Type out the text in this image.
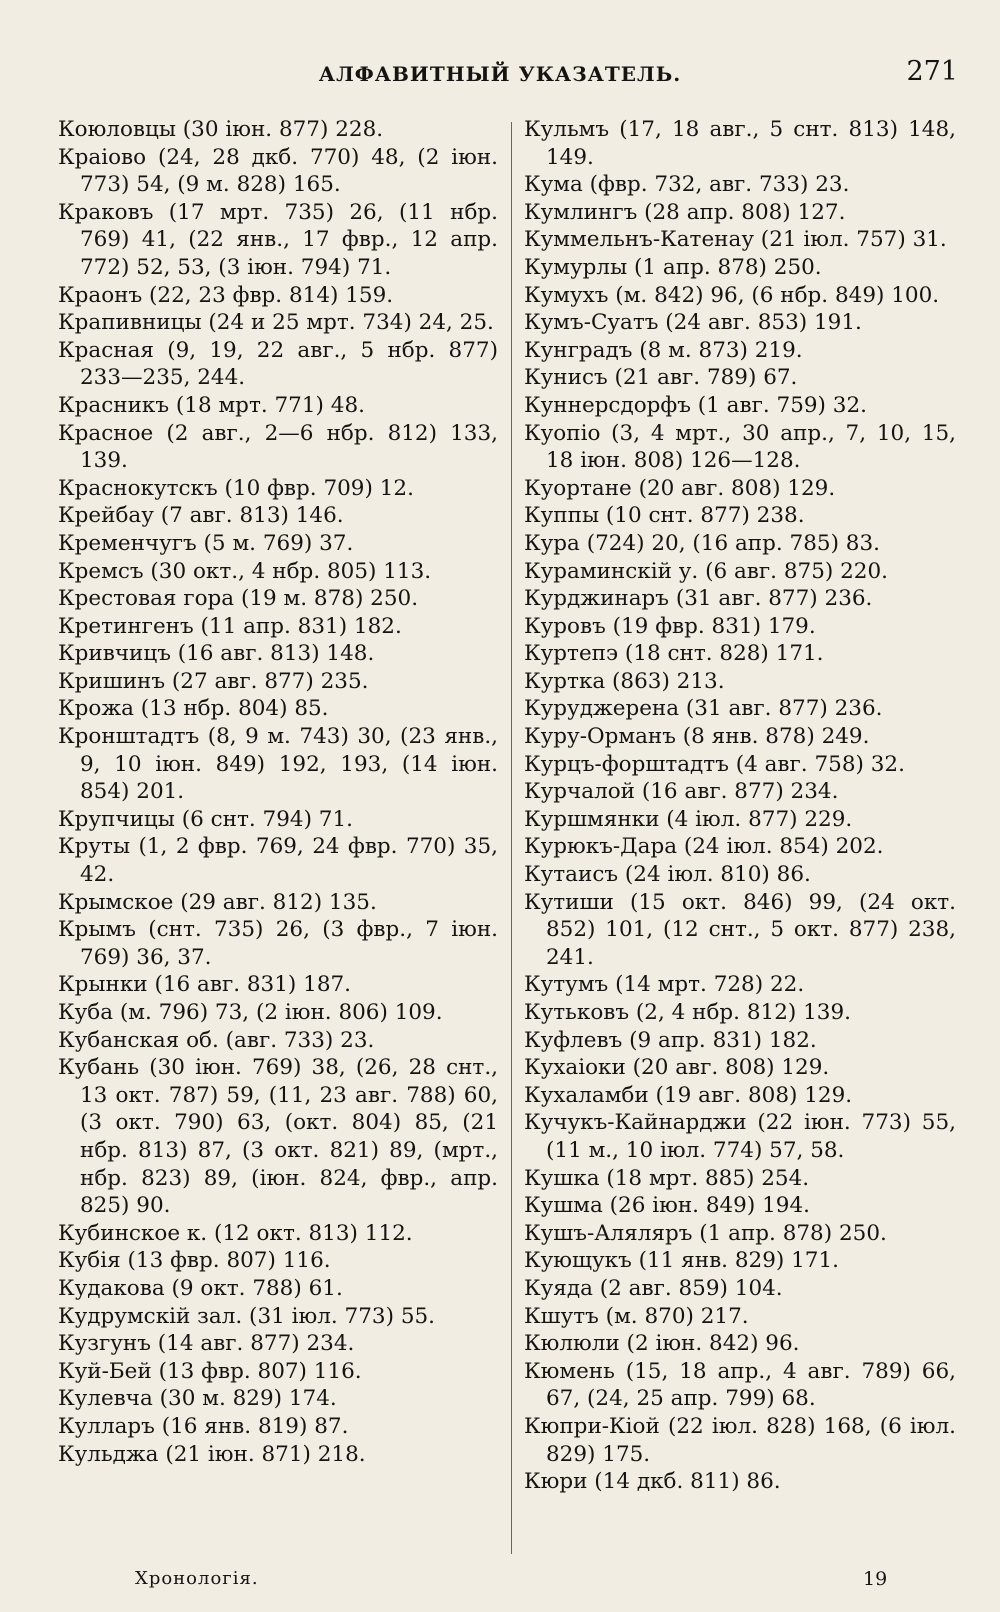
АЛФАВИТНЫЙ УКАЗАТЕЛЬ.	271

Коюловцы (30 іюн. 877) 228.

Краіово (24, 28 дкб. 770) 48, (2 іюн. 773) 54, (9 м. 828) 165.

Краковъ (17 мрт. 735) 26, (11 нбр. 769) 41, (22 янв., 17 фвр., 12 апр. 772) 52, 53, (3 іюн. 794) 71.

Краонъ (22, 23 фвр. 814) 159.

Крапивницы (24 и 25 мрт. 734) 24, 25.

Красная (9, 19, 22 авг., 5 нбр. 877) 233—235, 244.

Красникъ (18 мрт. 771) 48.

Красное (2 авг., 2—6 нбр. 812) 133, 139.

Краснокутскъ (10 фвр. 709) 12.

Крейбау (7 авг. 813) 146.

Кременчугъ (5 м. 769) 37.

Кремсъ (30 окт., 4 нбр. 805) 113.

Крестовая гора (19 м. 878) 250.

Кретингенъ (11 апр. 831) 182.

Кривчицъ (16 авг. 813) 148.

Кришинъ (27 авг. 877) 235.

Крожа (13 нбр. 804) 85.

Кронштадтъ (8, 9 м. 743) 30, (23 янв., 9, 10 іюн. 849) 192, 193, (14 іюн. 854) 201.

Крупчицы (6 снт. 794) 71.

Круты (1, 2 фвр. 769, 24 фвр. 770) 35, 42.

Крымское (29 авг. 812) 135.

Крымъ (снт. 735) 26, (3 фвр., 7 іюн. 769) 36, 37.

Крынки (16 авг. 831) 187.

Куба (м. 796) 73, (2 іюн. 806) 109.

Кубанская об. (авг. 733) 23.

Кубань (30 іюн. 769) 38, (26, 28 снт., 13 окт. 787) 59, (11, 23 авг. 788) 60, (3 окт. 790) 63, (окт. 804) 85, (21 нбр. 813) 87, (3 окт. 821) 89, (мрт., нбр. 823) 89, (іюн. 824, фвр., апр. 825) 90.

Кубинское к. (12 окт. 813) 112.

Кубія (13 фвр. 807) 116.

Кудакова (9 окт. 788) 61.

Кудрумскій зал. (31 іюл. 773) 55.

Кузгунъ (14 авг. 877) 234.

Куй-Бей (13 фвр. 807) 116.

Кулевча (30 м. 829) 174.

Кулларъ (16 янв. 819) 87.

Кульджа (21 іюн. 871) 218.

Кульмъ (17, 18 авг., 5 снт. 813) 148, 149.

Кума (фвр. 732, авг. 733) 23.

Кумлингъ (28 апр. 808) 127.

Куммельнъ-Катенау (21 іюл. 757) 31.

Кумурлы (1 апр. 878) 250.

Кумухъ (м. 842) 96, (6 нбр. 849) 100.

Кумъ-Суатъ (24 авг. 853) 191.

Кунградъ (8 м. 873) 219.

Кунисъ (21 авг. 789) 67.

Куннерсдорфъ (1 авг. 759) 32.

Куопіо (3, 4 мрт., 30 апр., 7, 10, 15, 18 іюн. 808) 126—128.

Куортане (20 авг. 808) 129.

Куппы (10 снт. 877) 238.

Кура (724) 20, (16 апр. 785) 83.

Кураминскій у. (6 авг. 875) 220.

Курджинаръ (31 авг. 877) 236.

Куровъ (19 фвр. 831) 179.

Куртепэ (18 снт. 828) 171.

Куртка (863) 213.

Куруджерена (31 авг. 877) 236.

Куру-Орманъ (8 янв. 878) 249.

Курцъ-форштадтъ (4 авг. 758) 32.

Курчалой (16 авг. 877) 234.

Куршмянки (4 іюл. 877) 229.

Курюкъ-Дара (24 іюл. 854) 202.

Кутаисъ (24 іюл. 810) 86.

Кутиши (15 окт. 846) 99, (24 окт. 852) 101, (12 снт., 5 окт. 877) 238, 241.

Кутумъ (14 мрт. 728) 22.

Кутьковъ (2, 4 нбр. 812) 139.

Куфлевъ (9 апр. 831) 182.

Кухаіоки (20 авг. 808) 129.

Кухаламби (19 авг. 808) 129.

Кучукъ-Кайнарджи (22 іюн. 773) 55, (11 м., 10 іюл. 774) 57, 58.

Кушка (18 мрт. 885) 254.

Кушма (26 іюн. 849) 194.

Кушъ-Аляляръ (1 апр. 878) 250.

Кующукъ (11 янв. 829) 171.

Куяда (2 авг. 859) 104.

Кшутъ (м. 870) 217.

Кюлюли (2 іюн. 842) 96.

Кюмень (15, 18 апр., 4 авг. 789) 66, 67, (24, 25 апр. 799) 68.

Кюпри-Кіой (22 іюл. 828) 168, (6 іюл. 829) 175.

Кюри (14 дкб. 811) 86.

Хронологія.	19
